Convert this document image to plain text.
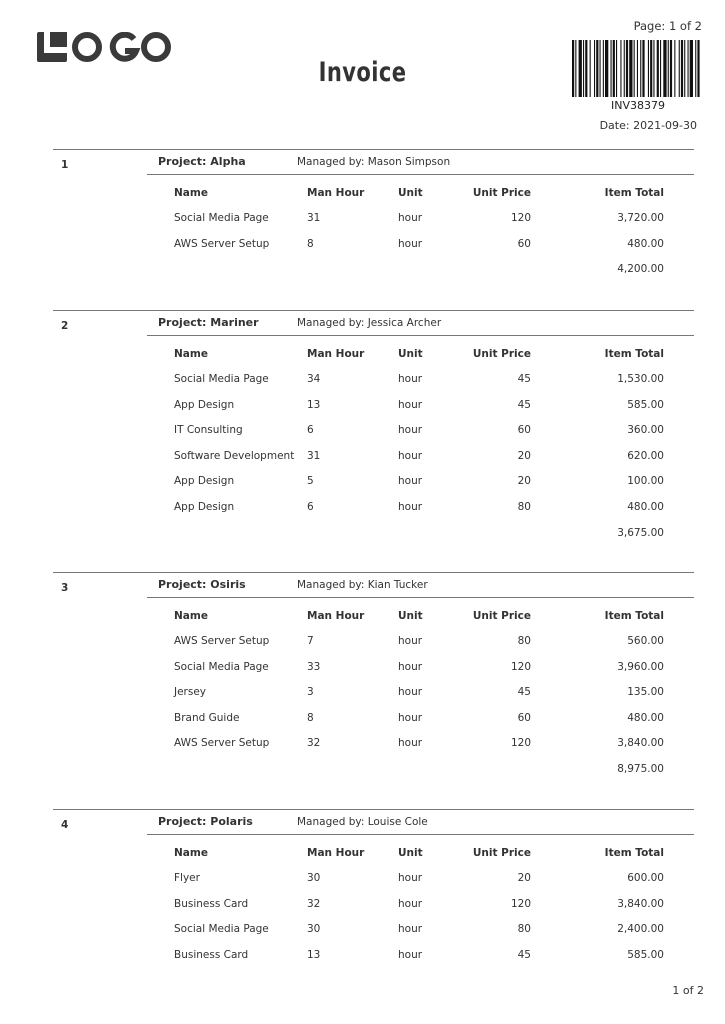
Page: 1 of 2
Invoice
INV38379
Date: 2021-09-30
1	Project: Alpha	Managed by: Mason Simpson
Name	Man Hour	Unit	Unit Price	Item Total
Social Media Page	31	hour	120	3,720.00
AWS Server Setup	8	hour	60	480.00
4,200.00
2	Project: Mariner	Managed by: Jessica Archer
Name	Man Hour	Unit	Unit Price	Item Total
Social Media Page	34	hour	45	1,530.00
App Design	13	hour	45	585.00
IT Consulting	6	hour	60	360.00
Software Development 31	hour	20	620.00
App Design	5	hour	20	100.00
App Design	6	hour	80	480.00
3,675.00
3	Project: Osiris	Managed by: Kian Tucker
Name	Man Hour	Unit	Unit Price	Item Total
AWS Server Setup	7	hour	80	560.00
Social Media Page	33	hour	120	3,960.00
Jersey	3	hour	45	135.00
Brand Guide	8	hour	60	480.00
AWS Server Setup	32	hour	120	3,840.00
8,975.00
4	Project: Polaris	Managed by: Louise Cole
Name	Man Hour	Unit	Unit Price	Item Total
Flyer	30	hour	20	600.00
Business Card	32	hour	120	3,840.00
Social Media Page	30	hour	80	2,400.00
Business Card	13	hour	45	585.00
1 of 2
